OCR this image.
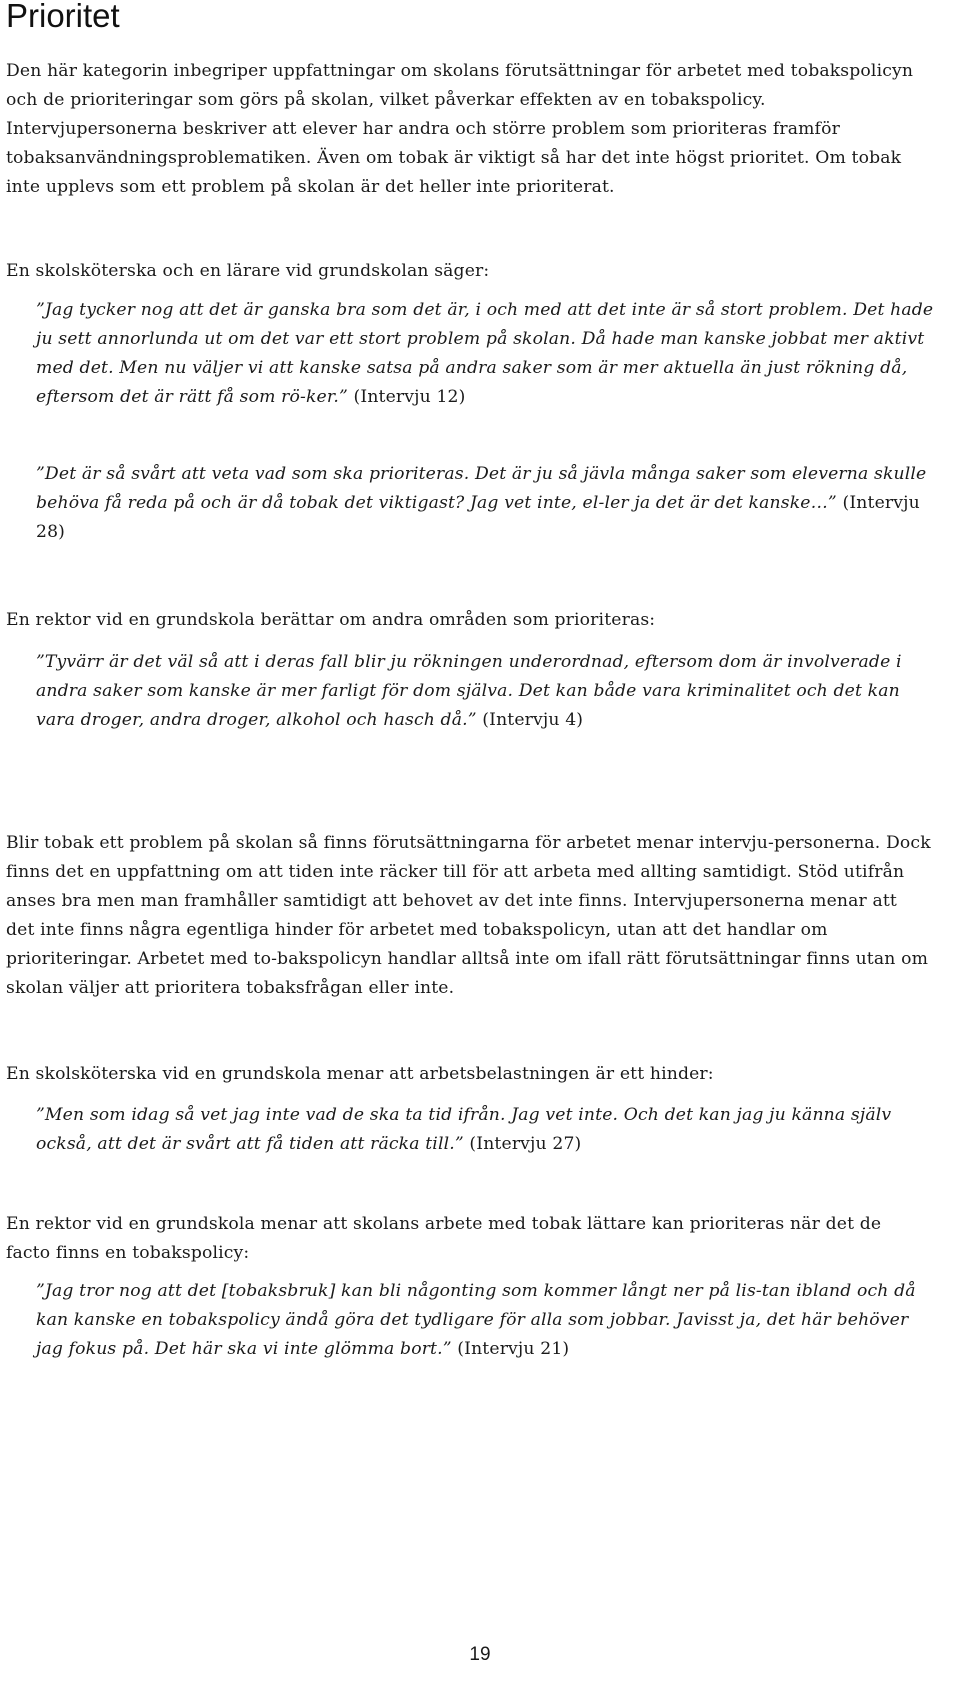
Prioritet

Den här kategorin inbegriper uppfattningar om skolans förutsättningar för arbetet med tobakspolicyn och de prioriteringar som görs på skolan, vilket påverkar effekten av en tobakspolicy. Intervjupersonerna beskriver att elever har andra och större problem som prioriteras framför tobaksanvändningsproblematiken. Även om tobak är viktigt så har det inte högst prioritet. Om tobak inte upplevs som ett problem på skolan är det heller inte prioriterat.

En skolsköterska och en lärare vid grundskolan säger:

”Jag tycker nog att det är ganska bra som det är, i och med att det inte är så stort problem. Det hade ju sett annorlunda ut om det var ett stort problem på skolan. Då hade man kanske jobbat mer aktivt med det. Men nu väljer vi att kanske satsa på andra saker som är mer aktuella än just rökning då, eftersom det är rätt få som rö-ker.” (Intervju 12)

”Det är så svårt att veta vad som ska prioriteras. Det är ju så jävla många saker som eleverna skulle behöva få reda på och är då tobak det viktigast? Jag vet inte, el-ler ja det är det kanske…” (Intervju 28)

En rektor vid en grundskola berättar om andra områden som prioriteras:

”Tyvärr är det väl så att i deras fall blir ju rökningen underordnad, eftersom dom är involverade i andra saker som kanske är mer farligt för dom själva. Det kan både vara kriminalitet och det kan vara droger, andra droger, alkohol och hasch då.” (Intervju 4)

Blir tobak ett problem på skolan så finns förutsättningarna för arbetet menar intervju-personerna. Dock finns det en uppfattning om att tiden inte räcker till för att arbeta med allting samtidigt. Stöd utifrån anses bra men man framhåller samtidigt att behovet av det inte finns. Intervjupersonerna menar att det inte finns några egentliga hinder för arbetet med tobakspolicyn, utan att det handlar om prioriteringar. Arbetet med to-bakspolicyn handlar alltså inte om ifall rätt förutsättningar finns utan om skolan väljer att prioritera tobaksfrågan eller inte.

En skolsköterska vid en grundskola menar att arbetsbelastningen är ett hinder:

”Men som idag så vet jag inte vad de ska ta tid ifrån. Jag vet inte. Och det kan jag ju känna själv också, att det är svårt att få tiden att räcka till.” (Intervju 27)

En rektor vid en grundskola menar att skolans arbete med tobak lättare kan prioriteras när det de facto finns en tobakspolicy:

”Jag tror nog att det [tobaksbruk] kan bli någonting som kommer långt ner på lis-tan ibland och då kan kanske en tobakspolicy ändå göra det tydligare för alla som jobbar. Javisst ja, det här behöver jag fokus på. Det här ska vi inte glömma bort.” (Intervju 21)

19
